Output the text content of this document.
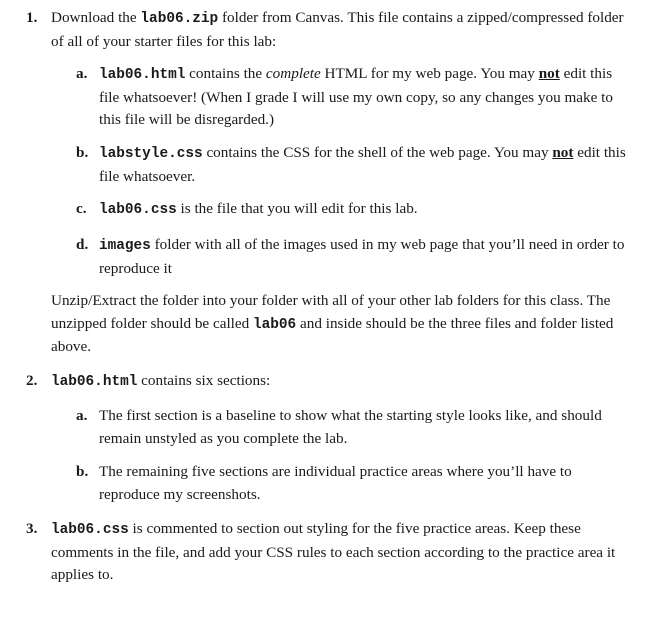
1. Download the lab06.zip folder from Canvas. This file contains a zipped/compressed folder of all of your starter files for this lab:
a. lab06.html contains the complete HTML for my web page. You may not edit this file whatsoever! (When I grade I will use my own copy, so any changes you make to this file will be disregarded.)
b. labstyle.css contains the CSS for the shell of the web page. You may not edit this file whatsoever.
c. lab06.css is the file that you will edit for this lab.
d. images folder with all of the images used in my web page that you’ll need in order to reproduce it
Unzip/Extract the folder into your folder with all of your other lab folders for this class. The unzipped folder should be called lab06 and inside should be the three files and folder listed above.
2. lab06.html contains six sections:
a. The first section is a baseline to show what the starting style looks like, and should remain unstyled as you complete the lab.
b. The remaining five sections are individual practice areas where you’ll have to reproduce my screenshots.
3. lab06.css is commented to section out styling for the five practice areas. Keep these comments in the file, and add your CSS rules to each section according to the practice area it applies to.
